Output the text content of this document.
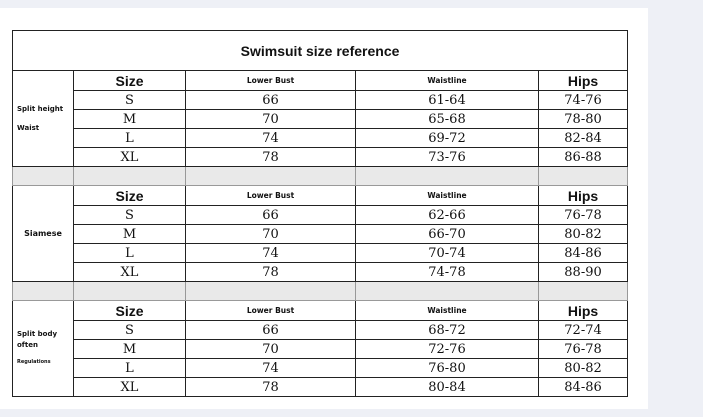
Swimsuit size reference				

Split height
Waist	Size	Lower Bust	Waistline	Hips
	S	66	61-64	74-76
	M	70	65-68	78-80
	L	74	69-72	82-84
	XL	78	73-76	86-88

Siamese	Size	Lower Bust	Waistline	Hips
	S	66	62-66	76-78
	M	70	66-70	80-82
	L	74	70-74	84-86
	XL	78	74-78	88-90

Split body
often
Regulations	Size	Lower Bust	Waistline	Hips
	S	66	68-72	72-74
	M	70	72-76	76-78
	L	74	76-80	80-82
	XL	78	80-84	84-86
